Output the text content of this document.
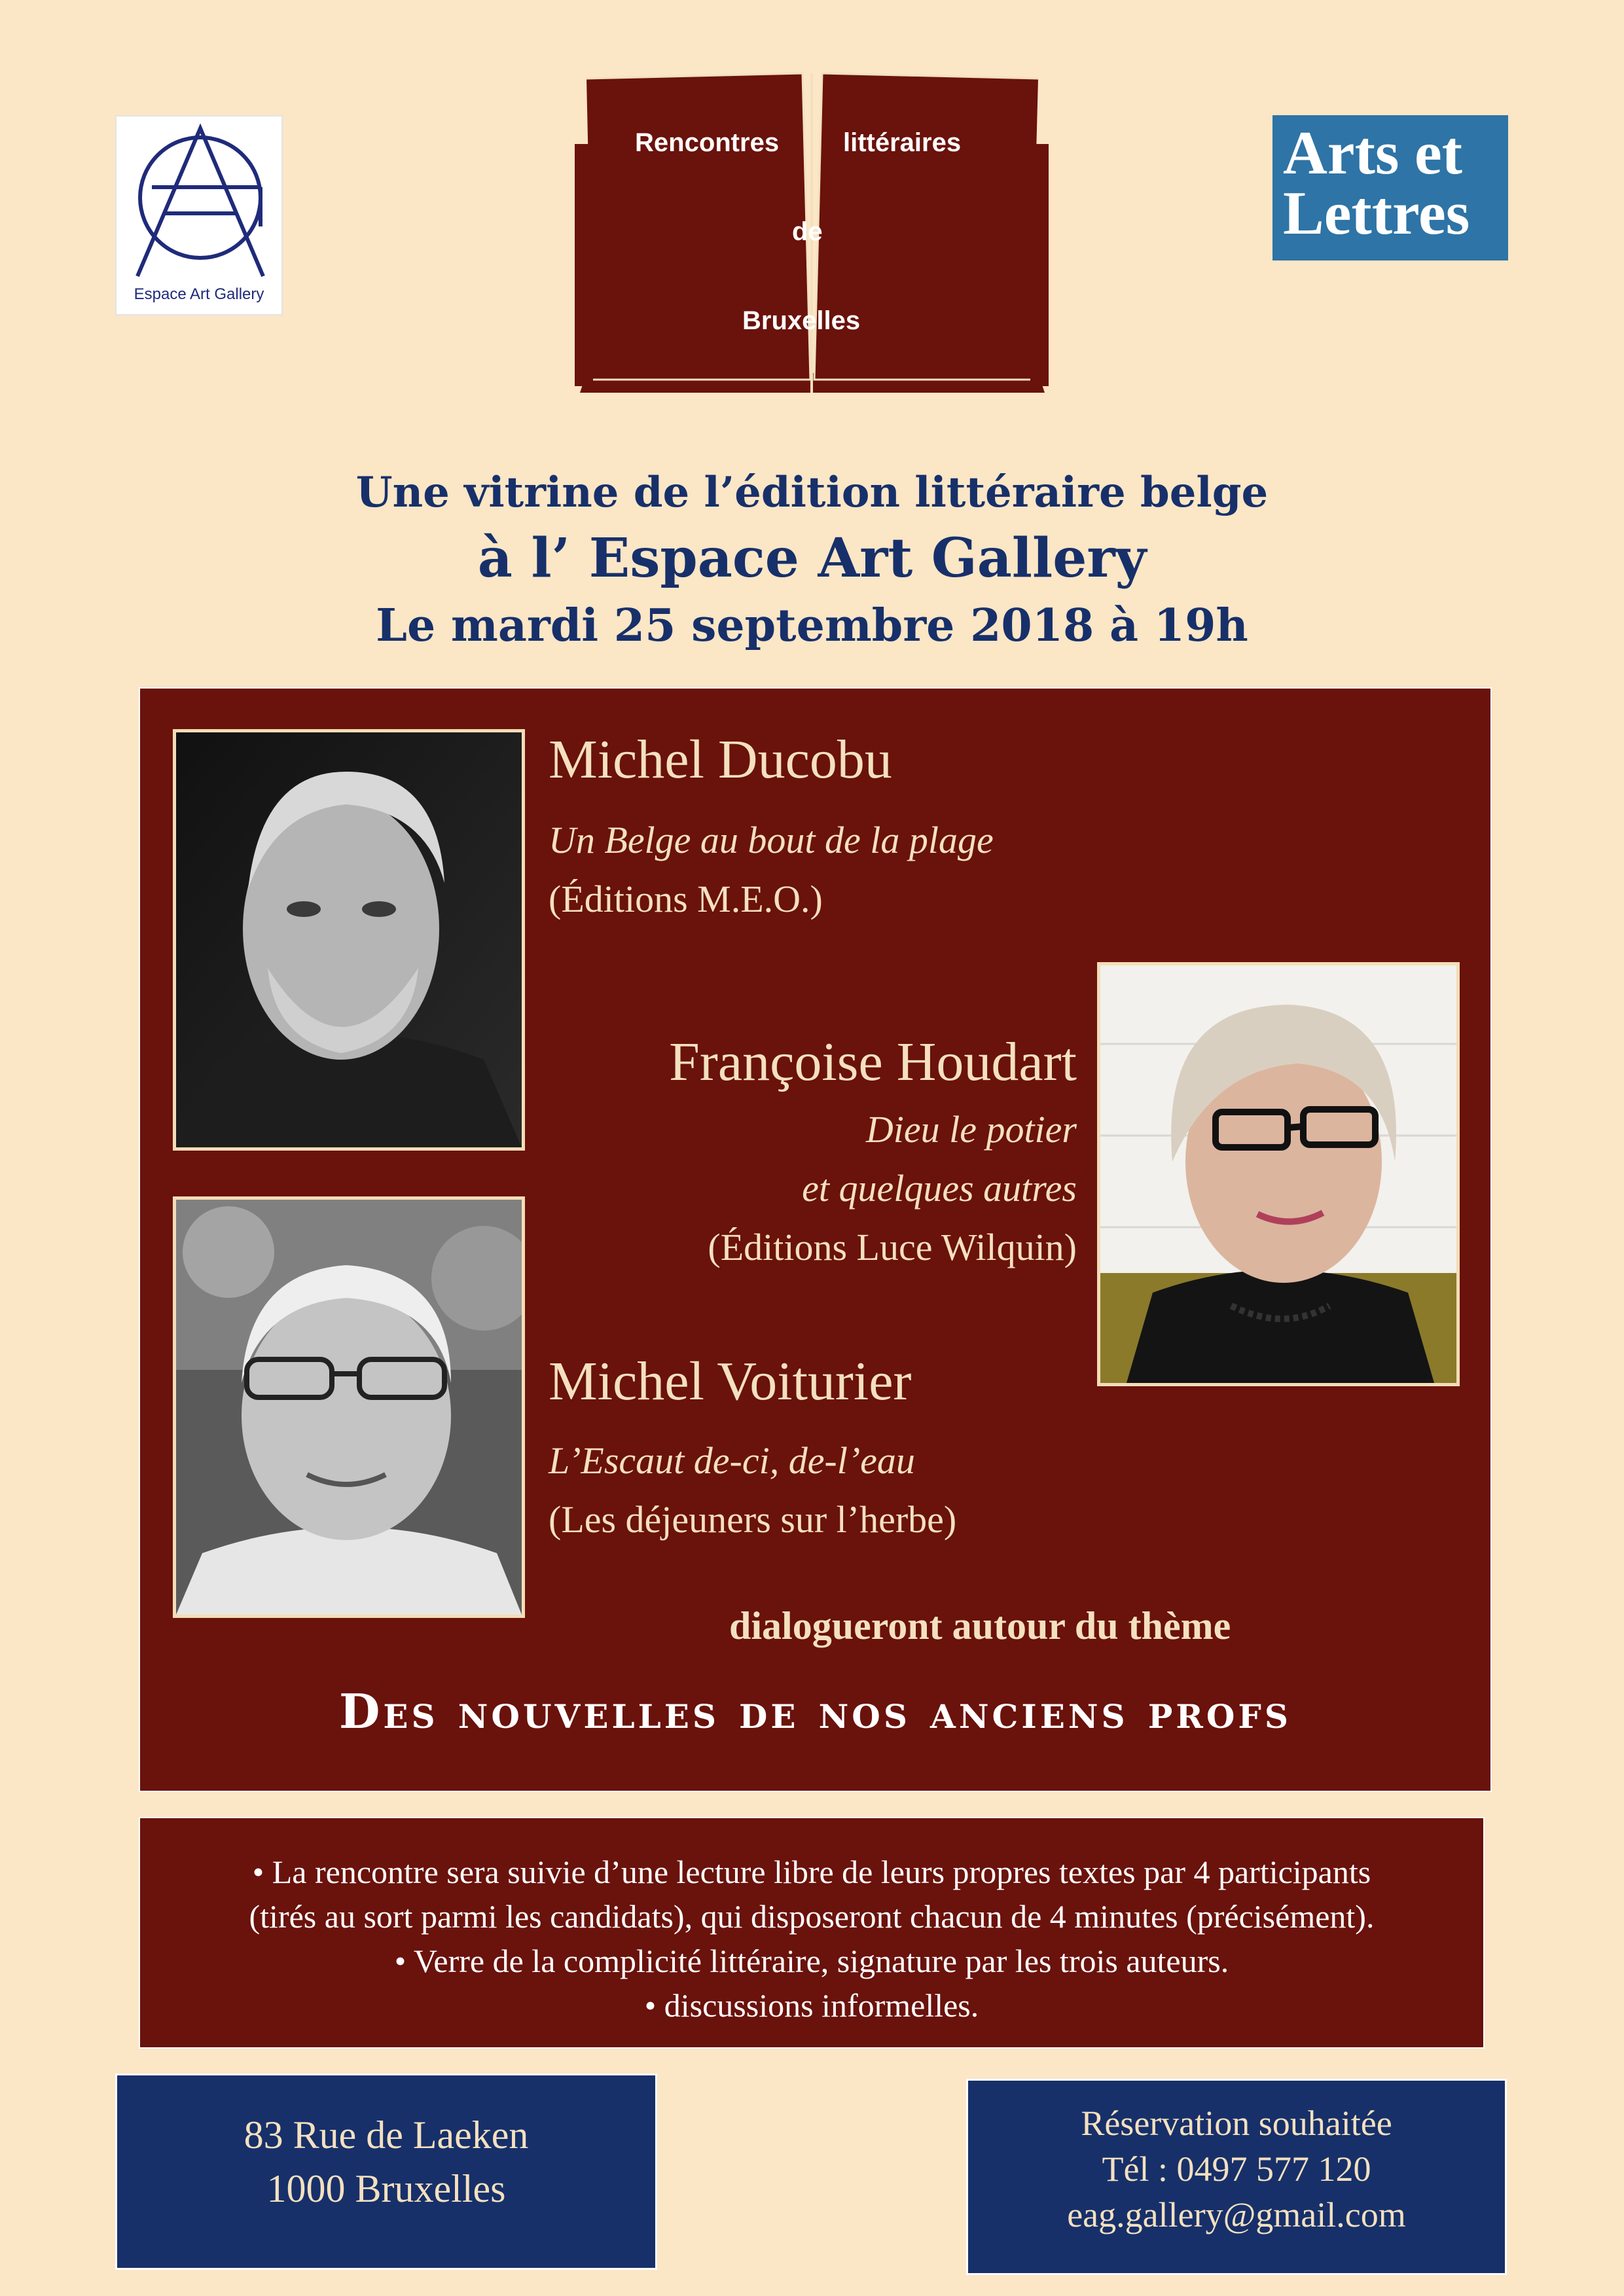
Espace Art Gallery
Rencontres littéraires
de
Bruxelles
Arts et
Lettres
Une vitrine de l’édition littéraire belge
à l’ Espace Art Gallery
Le mardi 25 septembre 2018 à 19h
Michel Ducobu
Un Belge au bout de la plage
(Éditions M.E.O.)
Françoise Houdart
Dieu le potier
et quelques autres
(Éditions Luce Wilquin)
Michel Voiturier
L’Escaut de-ci, de-l’eau
(Les déjeuners sur l’herbe)
dialogueront autour du thème
Des nouvelles de nos anciens profs
• La rencontre sera suivie d’une lecture libre de leurs propres textes par 4 participants
(tirés au sort parmi les candidats), qui disposeront chacun de 4 minutes (précisément).
• Verre de la complicité littéraire, signature par les trois auteurs.
• discussions informelles.
83 Rue de Laeken
1000 Bruxelles
Réservation souhaitée
Tél : 0497 577 120
eag.gallery@gmail.com
